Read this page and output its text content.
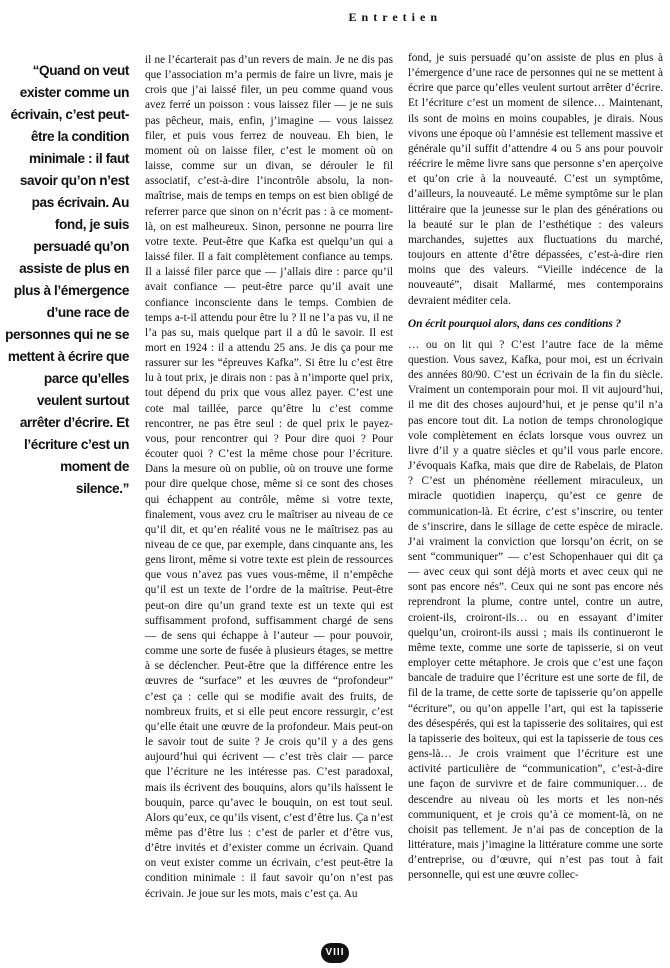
Entretien
“Quand on veut exister comme un écrivain, c’est peut-être la condition minimale : il faut savoir qu’on n’est pas écrivain. Au fond, je suis persuadé qu’on assiste de plus en plus à l’émergence d’une race de personnes qui ne se mettent à écrire que parce qu’elles veulent surtout arrêter d’écrire. Et l’écriture c’est un moment de silence.”

il ne l’écarterait pas d’un revers de main. Je ne dis pas que l’association m’a permis de faire un livre, mais je crois que j’ai laissé filer, un peu comme quand vous avez ferré un poisson : vous laissez filer — je ne suis pas pêcheur, mais, enfin, j’imagine — vous laissez filer, et puis vous ferrez de nouveau. Eh bien, le moment où on laisse filer, c’est le moment où on laisse, comme sur un divan, se dérouler le fil associatif, c’est-à-dire l’incontrôle absolu, la non-maîtrise, mais de temps en temps on est bien obligé de referrer parce que sinon on n’écrit pas : à ce moment-là, on est malheureux. Sinon, personne ne pourra lire votre texte. Peut-être que Kafka est quelqu’un qui a laissé filer. Il a fait complètement confiance au temps. Il a laissé filer parce que — j’allais dire : parce qu’il avait confiance — peut-être parce qu’il avait une confiance inconsciente dans le temps. Combien de temps a-t-il attendu pour être lu ? Il ne l’a pas vu, il ne l’a pas su, mais quelque part il a dû le savoir. Il est mort en 1924 : il a attendu 25 ans. Je dis ça pour me rassurer sur les “épreuves Kafka”. Si être lu c’est être lu à tout prix, je dirais non : pas à n’importe quel prix, tout dépend du prix que vous allez payer. C’est une cote mal taillée, parce qu’être lu c’est comme rencontrer, ne pas être seul : de quel prix le payez-vous, pour rencontrer qui ? Pour dire quoi ? Pour écouter quoi ? C’est la même chose pour l’écriture. Dans la mesure où on publie, où on trouve une forme pour dire quelque chose, même si ce sont des choses qui échappent au contrôle, même si votre texte, finalement, vous avez cru le maîtriser au niveau de ce qu’il dit, et qu’en réalité vous ne le maîtrisez pas au niveau de ce que, par exemple, dans cinquante ans, les gens liront, même si votre texte est plein de ressources que vous n’avez pas vues vous-même, il n’empêche qu’il est un texte de l’ordre de la maîtrise. Peut-être peut-on dire qu’un grand texte est un texte qui est suffisamment profond, suffisamment chargé de sens — de sens qui échappe à l’auteur — pour pouvoir, comme une sorte de fusée à plusieurs étages, se mettre à se déclencher. Peut-être que la différence entre les œuvres de “surface” et les œuvres de “profondeur” c’est ça : celle qui se modifie avait des fruits, de nombreux fruits, et si elle peut encore ressurgir, c’est qu’elle était une œuvre de la profondeur. Mais peut-on le savoir tout de suite ? Je crois qu’il y a des gens aujourd’hui qui écrivent — c’est très clair — parce que l’écriture ne les intéresse pas. C’est paradoxal, mais ils écrivent des bouquins, alors qu’ils haïssent le bouquin, parce qu’avec le bouquin, on est tout seul. Alors qu’eux, ce qu’ils visent, c’est d’être lus. Ça n’est même pas d’être lus : c’est de parler et d’être vus, d’être invités et d’exister comme un écrivain. Quand on veut exister comme un écrivain, c’est peut-être la condition minimale : il faut savoir qu’on n’est pas écrivain. Je joue sur les mots, mais c’est ça. Au

fond, je suis persuadé qu’on assiste de plus en plus à l’émergence d’une race de personnes qui ne se mettent à écrire que parce qu’elles veulent surtout arrêter d’écrire. Et l’écriture c’est un moment de silence… Maintenant, ils sont de moins en moins coupables, je dirais. Nous vivons une époque où l’amnésie est tellement massive et générale qu’il suffit d’attendre 4 ou 5 ans pour pouvoir réécrire le même livre sans que personne s’en aperçoive et qu’on crie à la nouveauté. C’est un symptôme, d’ailleurs, la nouveauté. Le même symptôme sur le plan littéraire que la jeunesse sur le plan des générations ou la beauté sur le plan de l’esthétique : des valeurs marchandes, sujettes aux fluctuations du marché, toujours en attente d’être dépassées, c’est-à-dire rien moins que des valeurs. “Vieille indécence de la nouveauté”, disait Mallarmé, mes contemporains devraient méditer cela.

On écrit pourquoi alors, dans ces conditions ?

… ou on lit qui ? C’est l’autre face de la même question. Vous savez, Kafka, pour moi, est un écrivain des années 80/90. C’est un écrivain de la fin du siècle. Vraiment un contemporain pour moi. Il vit aujourd’hui, il me dit des choses aujourd’hui, et je pense qu’il n’a pas encore tout dit. La notion de temps chronologique vole complètement en éclats lorsque vous ouvrez un livre d’il y a quatre siècles et qu’il vous parle encore. J’évoquais Kafka, mais que dire de Rabelais, de Platon ? C’est un phénomène réellement miraculeux, un miracle quotidien inaperçu, qu’est ce genre de communication-là. Et écrire, c’est s’inscrire, ou tenter de s’inscrire, dans le sillage de cette espèce de miracle. J’ai vraiment la conviction que lorsqu’on écrit, on se sent “communiquer” — c’est Schopenhauer qui dit ça — avec ceux qui sont déjà morts et avec ceux qui ne sont pas encore nés”. Ceux qui ne sont pas encore nés reprendront la plume, contre untel, contre un autre, croient-ils, croiront-ils… ou en essayant d’imiter quelqu’un, croiront-ils aussi ; mais ils continueront le même texte, comme une sorte de tapisserie, si on veut employer cette métaphore. Je crois que c’est une façon bancale de traduire que l’écriture est une sorte de fil, de fil de la trame, de cette sorte de tapisserie qu’on appelle “écriture”, ou qu’on appelle l’art, qui est la tapisserie des désespérés, qui est la tapisserie des solitaires, qui est la tapisserie des boiteux, qui est la tapisserie de tous ces gens-là… Je crois vraiment que l’écriture est une activité particulière de “communication”, c’est-à-dire une façon de survivre et de faire communiquer… de descendre au niveau où les morts et les non-nés communiquent, et je crois qu’à ce moment-là, on ne choisit pas tellement. Je n’ai pas de conception de la littérature, mais j’imagine la littérature comme une sorte d’entreprise, ou d’œuvre, qui n’est pas tout à fait personnelle, qui est une œuvre collec-

VIII
